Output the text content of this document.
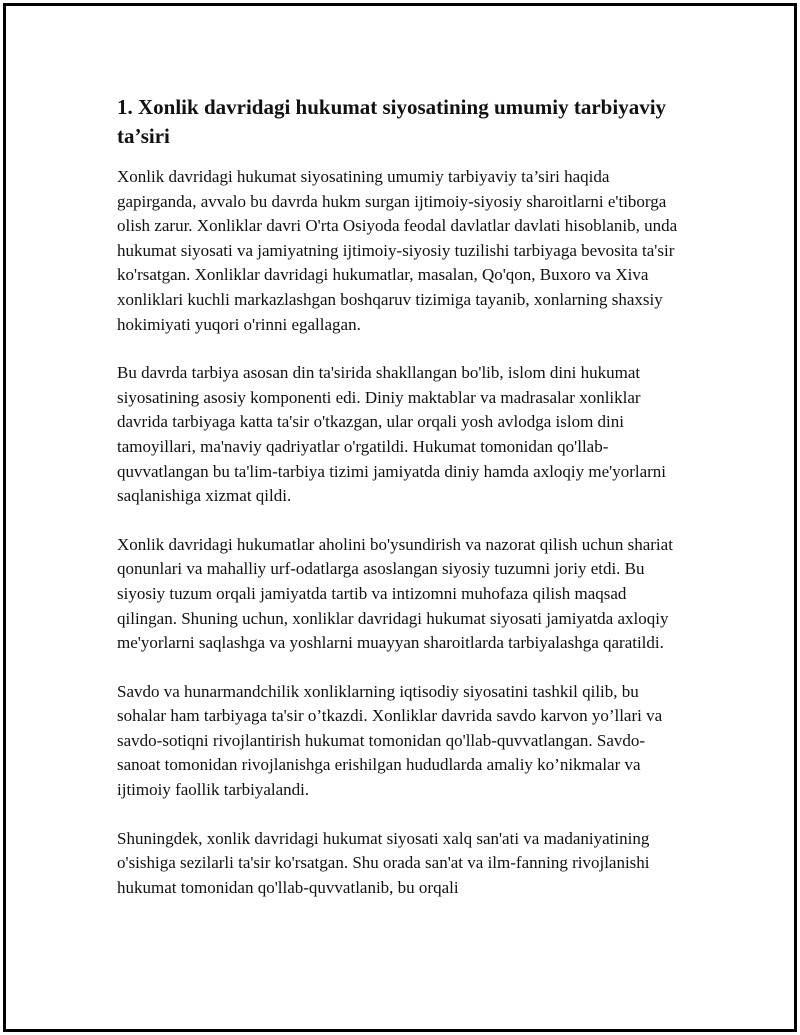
1. Xonlik davridagi hukumat siyosatining umumiy tarbiyaviy ta’siri

Xonlik davridagi hukumat siyosatining umumiy tarbiyaviy ta’siri haqida gapirganda, avvalo bu davrda hukm surgan ijtimoiy-siyosiy sharoitlarni e'tiborga olish zarur. Xonliklar davri O'rta Osiyoda feodal davlatlar davlati hisoblanib, unda hukumat siyosati va jamiyatning ijtimoiy-siyosiy tuzilishi tarbiyaga bevosita ta'sir ko'rsatgan. Xonliklar davridagi hukumatlar, masalan, Qo'qon, Buxoro va Xiva xonliklari kuchli markazlashgan boshqaruv tizimiga tayanib, xonlarning shaxsiy hokimiyati yuqori o'rinni egallagan.

Bu davrda tarbiya asosan din ta'sirida shakllangan bo'lib, islom dini hukumat siyosatining asosiy komponenti edi. Diniy maktablar va madrasalar xonliklar davrida tarbiyaga katta ta'sir o'tkazgan, ular orqali yosh avlodga islom dini tamoyillari, ma'naviy qadriyatlar o'rgatildi. Hukumat tomonidan qo'llab-quvvatlangan bu ta'lim-tarbiya tizimi jamiyatda diniy hamda axloqiy me'yorlarni saqlanishiga xizmat qildi.

Xonlik davridagi hukumatlar aholini bo'ysundirish va nazorat qilish uchun shariat qonunlari va mahalliy urf-odatlarga asoslangan siyosiy tuzumni joriy etdi. Bu siyosiy tuzum orqali jamiyatda tartib va intizomni muhofaza qilish maqsad qilingan. Shuning uchun, xonliklar davridagi hukumat siyosati jamiyatda axloqiy me'yorlarni saqlashga va yoshlarni muayyan sharoitlarda tarbiyalashga qaratildi.

Savdo va hunarmandchilik xonliklarning iqtisodiy siyosatini tashkil qilib, bu sohalar ham tarbiyaga ta'sir o’tkazdi. Xonliklar davrida savdo karvon yo’llari va savdo-sotiqni rivojlantirish hukumat tomonidan qo'llab-quvvatlangan. Savdo-sanoat tomonidan rivojlanishga erishilgan hududlarda amaliy ko’nikmalar va ijtimoiy faollik tarbiyalandi.

Shuningdek, xonlik davridagi hukumat siyosati xalq san'ati va madaniyatining o'sishiga sezilarli ta'sir ko'rsatgan. Shu orada san'at va ilm-fanning rivojlanishi hukumat tomonidan qo'llab-quvvatlanib, bu orqali
